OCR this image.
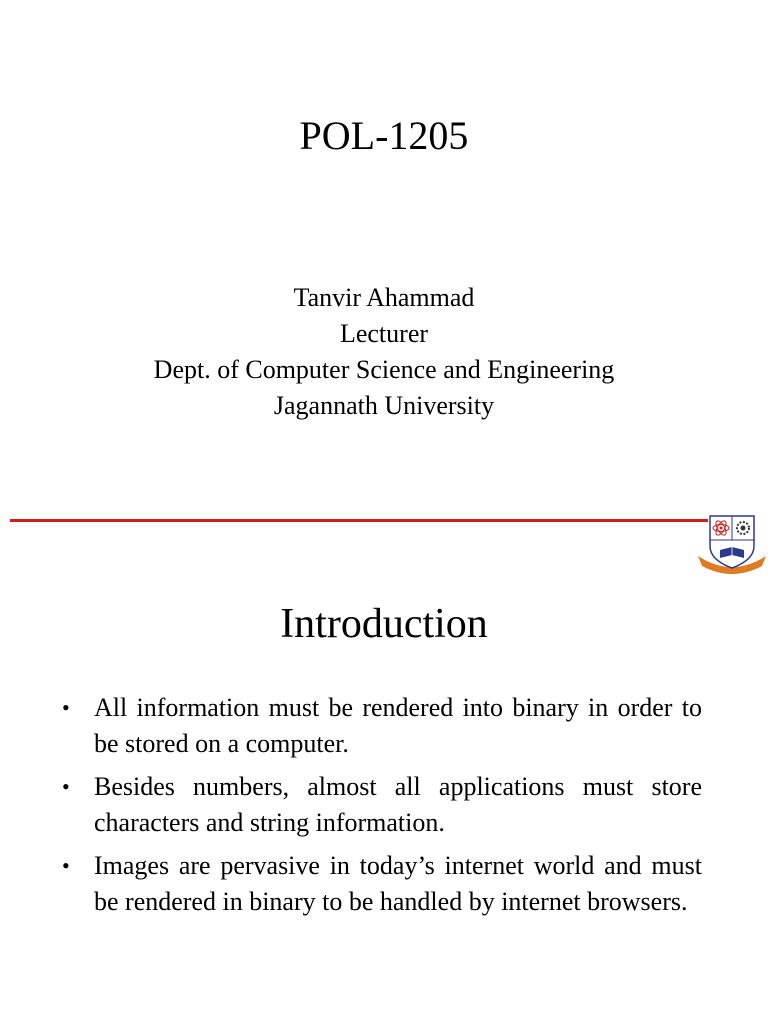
POL-1205
Tanvir Ahammad
Lecturer
Dept. of Computer Science and Engineering
Jagannath University
Introduction
• All information must be rendered into binary in order to be stored on a computer.
• Besides numbers, almost all applications must store characters and string information.
• Images are pervasive in today’s internet world and must be rendered in binary to be handled by internet browsers.
